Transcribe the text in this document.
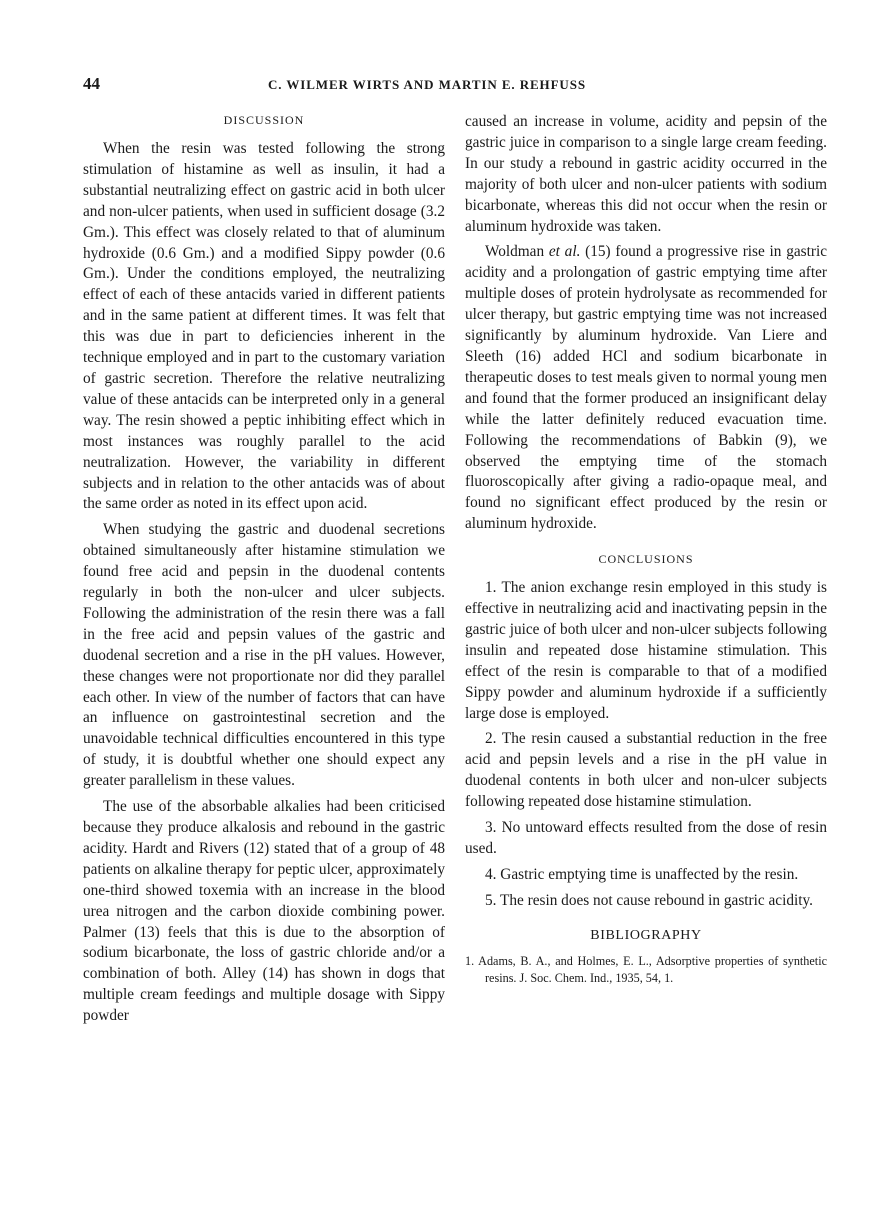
44	C. WILMER WIRTS AND MARTIN E. REHFUSS
DISCUSSION

When the resin was tested following the strong stimulation of histamine as well as insulin, it had a substantial neutralizing effect on gastric acid in both ulcer and non-ulcer patients, when used in sufficient dosage (3.2 Gm.). This effect was closely related to that of aluminum hydroxide (0.6 Gm.) and a modified Sippy powder (0.6 Gm.). Under the conditions employed, the neutralizing effect of each of these antacids varied in different patients and in the same patient at different times. It was felt that this was due in part to deficiencies inherent in the technique employed and in part to the customary variation of gastric secretion. Therefore the relative neutralizing value of these antacids can be interpreted only in a general way. The resin showed a peptic inhibiting effect which in most instances was roughly parallel to the acid neutralization. However, the variability in different subjects and in relation to the other antacids was of about the same order as noted in its effect upon acid.

When studying the gastric and duodenal secretions obtained simultaneously after histamine stimulation we found free acid and pepsin in the duodenal contents regularly in both the non-ulcer and ulcer subjects. Following the administration of the resin there was a fall in the free acid and pepsin values of the gastric and duodenal secretion and a rise in the pH values. However, these changes were not proportionate nor did they parallel each other. In view of the number of factors that can have an influence on gastrointestinal secretion and the unavoidable technical difficulties encountered in this type of study, it is doubtful whether one should expect any greater parallelism in these values.

The use of the absorbable alkalies had been criticised because they produce alkalosis and rebound in the gastric acidity. Hardt and Rivers (12) stated that of a group of 48 patients on alkaline therapy for peptic ulcer, approximately one-third showed toxemia with an increase in the blood urea nitrogen and the carbon dioxide combining power. Palmer (13) feels that this is due to the absorption of sodium bicarbonate, the loss of gastric chloride and/or a combination of both. Alley (14) has shown in dogs that multiple cream feedings and multiple dosage with Sippy powder

caused an increase in volume, acidity and pepsin of the gastric juice in comparison to a single large cream feeding. In our study a rebound in gastric acidity occurred in the majority of both ulcer and non-ulcer patients with sodium bicarbonate, whereas this did not occur when the resin or aluminum hydroxide was taken.

Woldman et al. (15) found a progressive rise in gastric acidity and a prolongation of gastric emptying time after multiple doses of protein hydrolysate as recommended for ulcer therapy, but gastric emptying time was not increased significantly by aluminum hydroxide. Van Liere and Sleeth (16) added HCl and sodium bicarbonate in therapeutic doses to test meals given to normal young men and found that the former produced an insignificant delay while the latter definitely reduced evacuation time. Following the recommendations of Babkin (9), we observed the emptying time of the stomach fluoroscopically after giving a radio-opaque meal, and found no significant effect produced by the resin or aluminum hydroxide.

CONCLUSIONS

1. The anion exchange resin employed in this study is effective in neutralizing acid and inactivating pepsin in the gastric juice of both ulcer and non-ulcer subjects following insulin and repeated dose histamine stimulation. This effect of the resin is comparable to that of a modified Sippy powder and aluminum hydroxide if a sufficiently large dose is employed.

2. The resin caused a substantial reduction in the free acid and pepsin levels and a rise in the pH value in duodenal contents in both ulcer and non-ulcer subjects following repeated dose histamine stimulation.

3. No untoward effects resulted from the dose of resin used.

4. Gastric emptying time is unaffected by the resin.

5. The resin does not cause rebound in gastric acidity.

BIBLIOGRAPHY

1. Adams, B. A., and Holmes, E. L., Adsorptive properties of synthetic resins. J. Soc. Chem. Ind., 1935, 54, 1.
